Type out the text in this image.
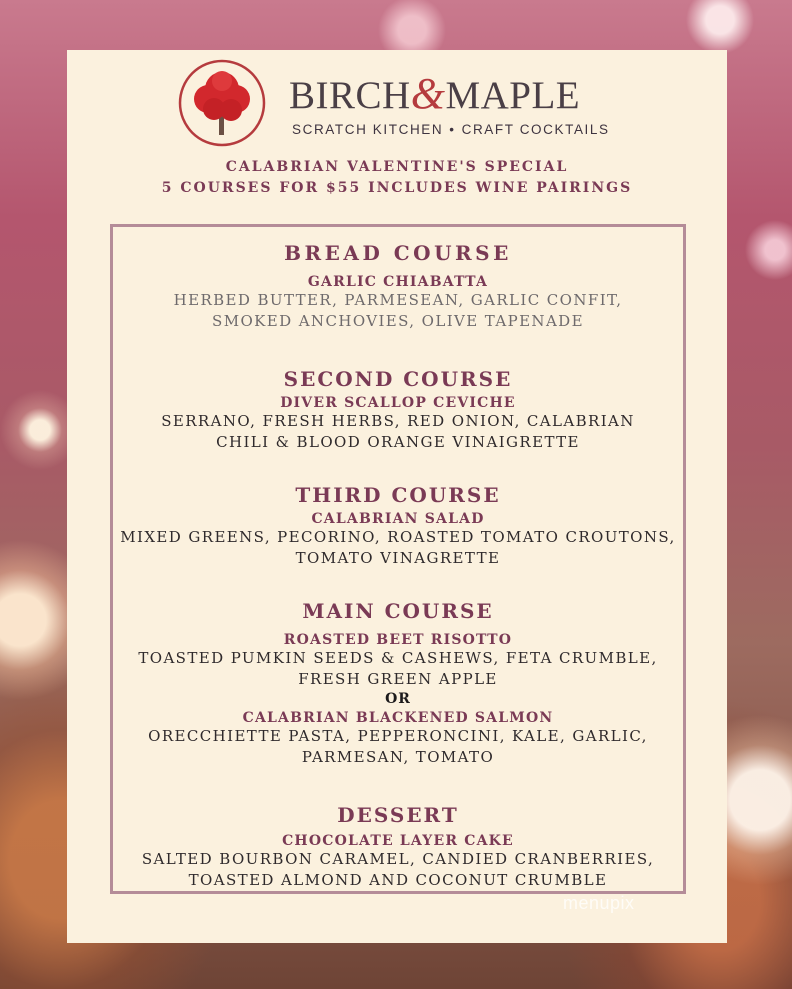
BIRCH&MAPLE
SCRATCH KITCHEN • CRAFT COCKTAILS
CALABRIAN VALENTINE'S SPECIAL
5 COURSES FOR $55 INCLUDES WINE PAIRINGS
BREAD COURSE
GARLIC CHIABATTA
HERBED BUTTER, PARMESEAN, GARLIC CONFIT,
SMOKED ANCHOVIES, OLIVE TAPENADE
SECOND COURSE
DIVER SCALLOP CEVICHE
SERRANO, FRESH HERBS, RED ONION, CALABRIAN
CHILI & BLOOD ORANGE VINAIGRETTE
THIRD COURSE
CALABRIAN SALAD
MIXED GREENS, PECORINO, ROASTED TOMATO CROUTONS,
TOMATO VINAGRETTE
MAIN COURSE
ROASTED BEET RISOTTO
TOASTED PUMKIN SEEDS & CASHEWS, FETA CRUMBLE,
FRESH GREEN APPLE
OR
CALABRIAN BLACKENED SALMON
ORECCHIETTE PASTA, PEPPERONCINI, KALE, GARLIC,
PARMESAN, TOMATO
DESSERT
CHOCOLATE LAYER CAKE
SALTED BOURBON CARAMEL, CANDIED CRANBERRIES,
TOASTED ALMOND AND COCONUT CRUMBLE
menupix
